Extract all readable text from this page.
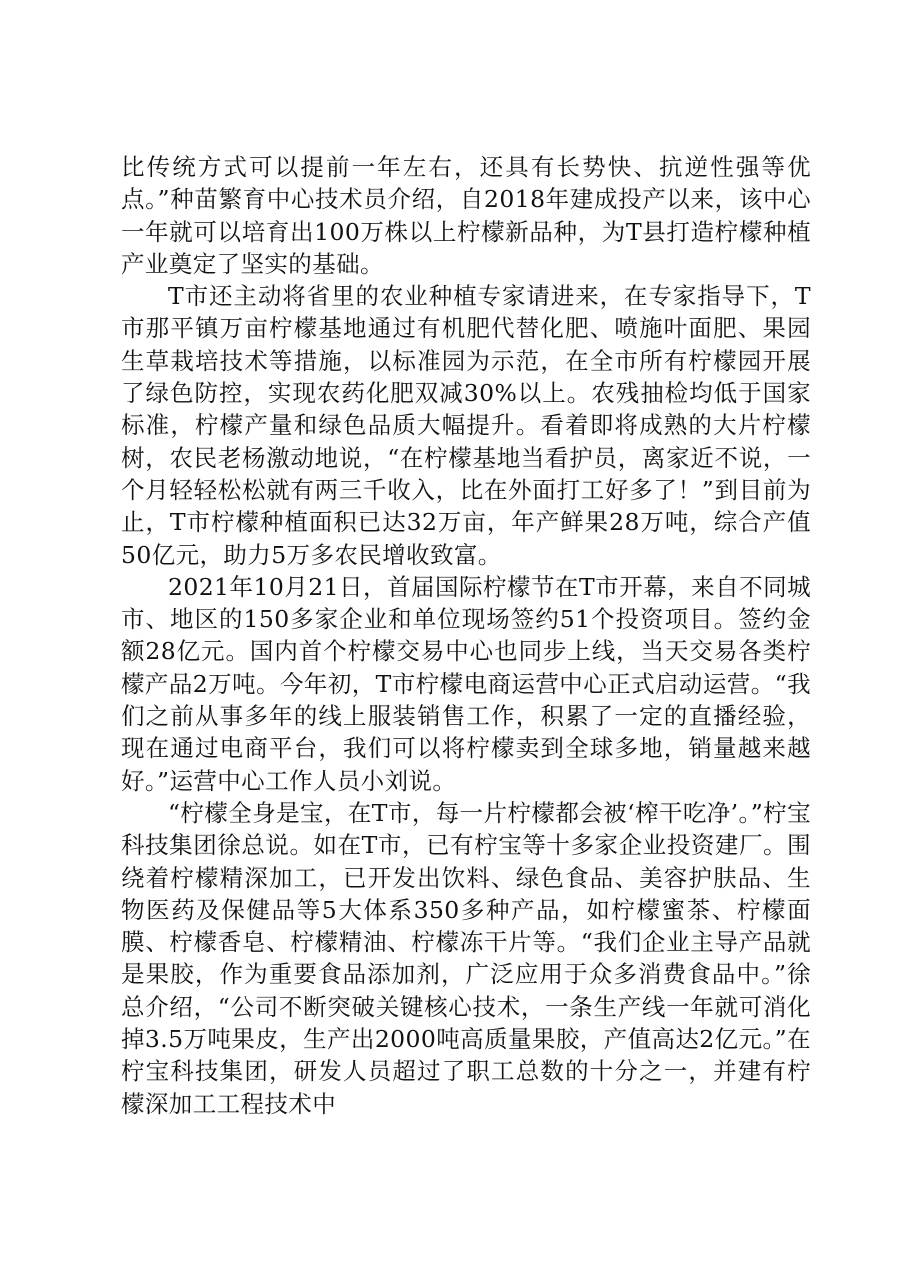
比传统方式可以提前一年左右，还具有长势快、抗逆性强等优点。”种苗繁育中心技术员介绍，自2018年建成投产以来，该中心一年就可以培育出100万株以上柠檬新品种，为T县打造柠檬种植产业奠定了坚实的基础。

T市还主动将省里的农业种植专家请进来，在专家指导下，T市那平镇万亩柠檬基地通过有机肥代替化肥、喷施叶面肥、果园生草栽培技术等措施，以标准园为示范，在全市所有柠檬园开展了绿色防控，实现农药化肥双减30%以上。农残抽检均低于国家标准，柠檬产量和绿色品质大幅提升。看着即将成熟的大片柠檬树，农民老杨激动地说，“在柠檬基地当看护员，离家近不说，一个月轻轻松松就有两三千收入，比在外面打工好多了！”到目前为止，T市柠檬种植面积已达32万亩，年产鲜果28万吨，综合产值50亿元，助力5万多农民增收致富。

2021年10月21日，首届国际柠檬节在T市开幕，来自不同城市、地区的150多家企业和单位现场签约51个投资项目。签约金额28亿元。国内首个柠檬交易中心也同步上线，当天交易各类柠檬产品2万吨。今年初，T市柠檬电商运营中心正式启动运营。“我们之前从事多年的线上服装销售工作，积累了一定的直播经验，现在通过电商平台，我们可以将柠檬卖到全球多地，销量越来越好。”运营中心工作人员小刘说。

“柠檬全身是宝，在T市，每一片柠檬都会被‘榨干吃净’。”柠宝科技集团徐总说。如在T市，已有柠宝等十多家企业投资建厂。围绕着柠檬精深加工，已开发出饮料、绿色食品、美容护肤品、生物医药及保健品等5大体系350多种产品，如柠檬蜜茶、柠檬面膜、柠檬香皂、柠檬精油、柠檬冻干片等。“我们企业主导产品就是果胶，作为重要食品添加剂，广泛应用于众多消费食品中。”徐总介绍，“公司不断突破关键核心技术，一条生产线一年就可消化掉3.5万吨果皮，生产出2000吨高质量果胶，产值高达2亿元。”在柠宝科技集团，研发人员超过了职工总数的十分之一，并建有柠檬深加工工程技术中
